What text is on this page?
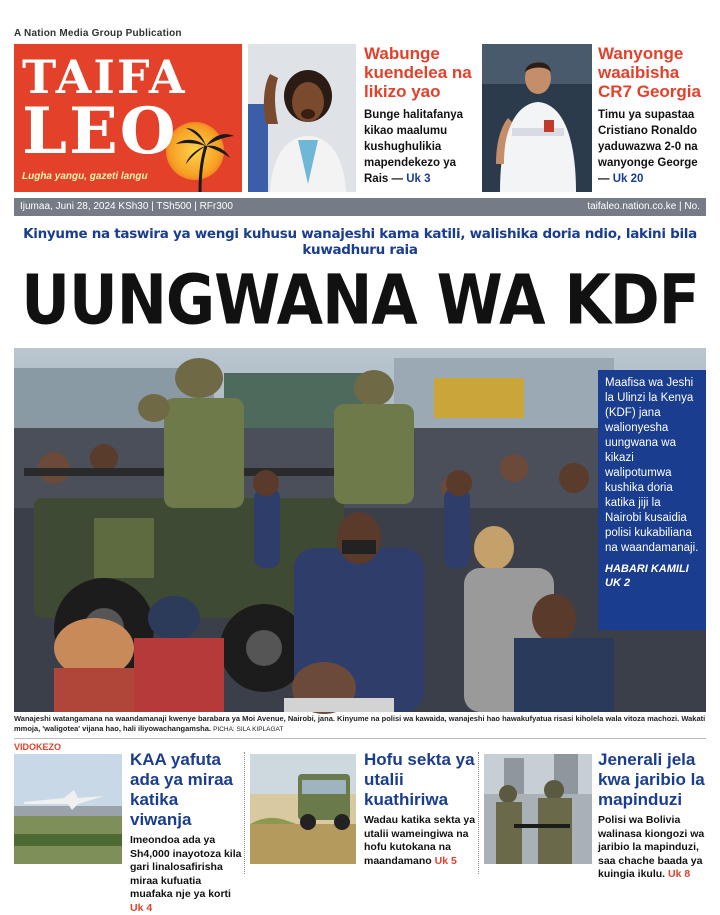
A Nation Media Group Publication
TAIFA
LEO
Lugha yangu, gazeti langu
Wabunge kuendelea na likizo yao
Bunge halitafanya kikao maalumu kushughulikia mapendekezo ya Rais — Uk 3
Wanyonge waaibisha CR7 Georgia
Timu ya supastaa Cristiano Ronaldo yaduwazwa 2-0 na wanyonge George— Uk 20
Ijumaa, Juni 28, 2024 KSh30 | TSh500 | RFr300	taifaleo.nation.co.ke | No.
Kinyume na taswira ya wengi kuhusu wanajeshi kama katili, walishika doria ndio, lakini bila kuwadhuru raia
UUNGWANA WA KDF
Maafisa wa Jeshi la Ulinzi la Kenya (KDF) jana walionyesha uungwana wa kikazi walipotumwa kushika doria katika jiji la Nairobi kusaidia polisi kukabiliana na waandamanaji.
HABARI KAMILI
UK 2
Wanajeshi watangamana na waandamanaji kwenye barabara ya Moi Avenue, Nairobi, jana. Kinyume na polisi wa kawaida, wanajeshi hao hawakufyatua risasi kiholela wala vitoza machozi. Wakati mmoja, 'waligotea' vijana hao, hali iliyowachangamsha. PICHA: SILA KIPLAGAT
VIDOKEZO
KAA yafuta ada ya miraa katika viwanja
Imeondoa ada ya Sh4,000 inayotoza kila gari linalosafirisha miraa kufuatia muafaka nje ya korti Uk 4
Hofu sekta ya utalii kuathiriwa
Wadau katika sekta ya utalii wameingiwa na hofu kutokana na maandamano Uk 5
Jenerali jela kwa jaribio la mapinduzi
Polisi wa Bolivia walinasa kiongozi wa jaribio la mapinduzi, saa chache baada ya kuingia ikulu. Uk 8
